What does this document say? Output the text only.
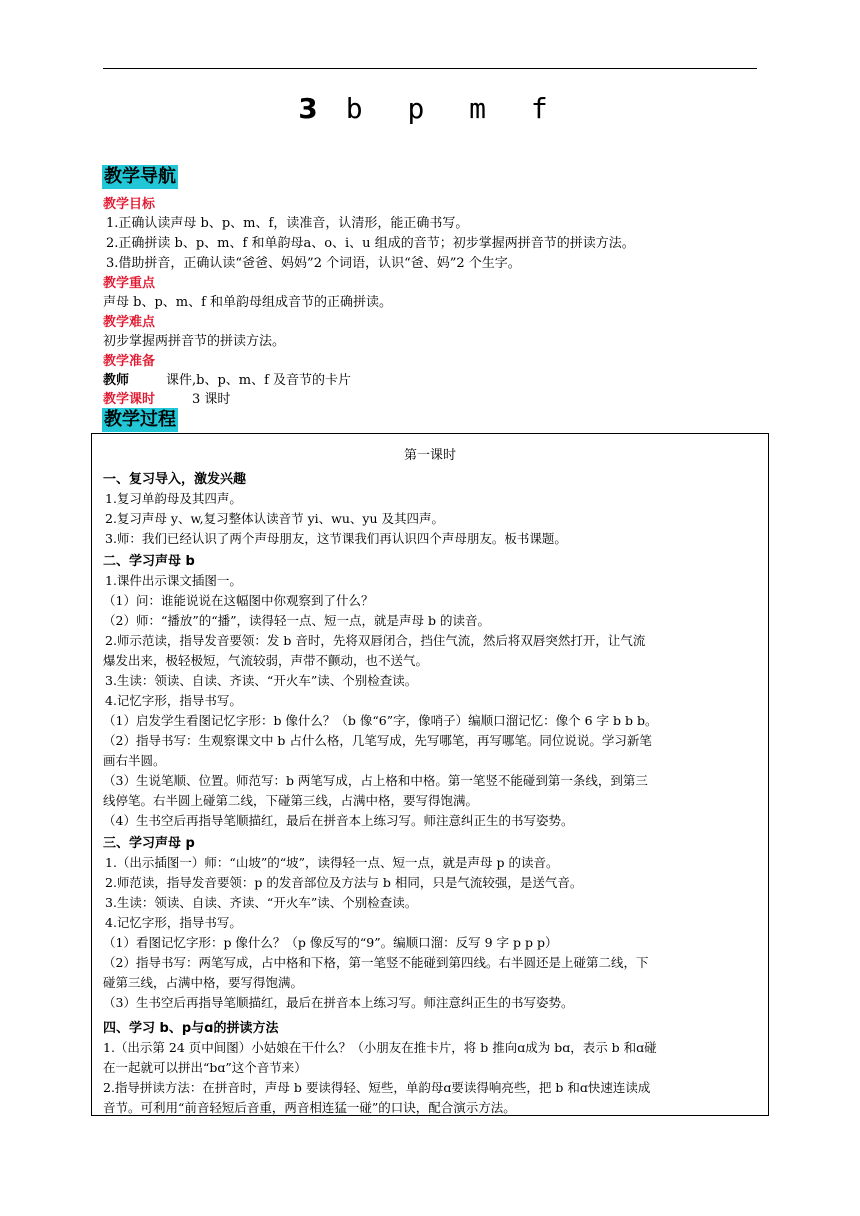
3 b p m f
教学导航
教学目标
1.正确认读声母 b、p、m、f，读准音，认清形，能正确书写。
2.正确拼读 b、p、m、f 和单韵母a、o、i、u 组成的音节；初步掌握两拼音节的拼读方法。
3.借助拼音，正确认读“爸爸、妈妈”2 个词语，认识“爸、妈”2 个生字。
教学重点
声母 b、p、m、f 和单韵母组成音节的正确拼读。
教学难点
初步掌握两拼音节的拼读方法。
教学准备
教师	课件,b、p、m、f 及音节的卡片
教学课时	3 课时
教学过程
第一课时
一、复习导入，激发兴趣
1.复习单韵母及其四声。
2.复习声母 y、w,复习整体认读音节 yi、wu、yu 及其四声。
3.师：我们已经认识了两个声母朋友，这节课我们再认识四个声母朋友。板书课题。
二、学习声母 b
1.课件出示课文插图一。
（1）问：谁能说说在这幅图中你观察到了什么？
（2）师：“播放”的“播”，读得轻一点、短一点，就是声母 b 的读音。
2.师示范读，指导发音要领：发 b 音时，先将双唇闭合，挡住气流，然后将双唇突然打开，让气流
爆发出来，极轻极短，气流较弱，声带不颤动，也不送气。
3.生读：领读、自读、齐读、“开火车”读、个别检查读。
4.记忆字形，指导书写。
（1）启发学生看图记忆字形：b 像什么？（b 像“6”字，像哨子）编顺口溜记忆：像个 6 字 b b b。
（2）指导书写：生观察课文中 b 占什么格，几笔写成，先写哪笔，再写哪笔。同位说说。学习新笔
画右半圆。
（3）生说笔顺、位置。师范写：b 两笔写成，占上格和中格。第一笔竖不能碰到第一条线，到第三
线停笔。右半圆上碰第二线，下碰第三线，占满中格，要写得饱满。
（4）生书空后再指导笔顺描红，最后在拼音本上练习写。师注意纠正生的书写姿势。
三、学习声母 p
1.（出示插图一）师：“山坡”的“坡”，读得轻一点、短一点，就是声母 p 的读音。
2.师范读，指导发音要领：p 的发音部位及方法与 b 相同，只是气流较强，是送气音。
3.生读：领读、自读、齐读、“开火车”读、个别检查读。
4.记忆字形，指导书写。
（1）看图记忆字形：p 像什么？（p 像反写的“9”。编顺口溜：反写 9 字 p p p）
（2）指导书写：两笔写成，占中格和下格，第一笔竖不能碰到第四线。右半圆还是上碰第二线，下
碰第三线，占满中格，要写得饱满。
（3）生书空后再指导笔顺描红，最后在拼音本上练习写。师注意纠正生的书写姿势。
四、学习 b、p与ɑ的拼读方法
1.（出示第 24 页中间图）小姑娘在干什么？（小朋友在推卡片，将 b 推向ɑ成为 bɑ，表示 b 和ɑ碰
在一起就可以拼出“bɑ”这个音节来）
2.指导拼读方法：在拼音时，声母 b 要读得轻、短些，单韵母ɑ要读得响亮些，把 b 和ɑ快速连读成
音节。可利用“前音轻短后音重，两音相连猛一碰”的口诀，配合演示方法。
